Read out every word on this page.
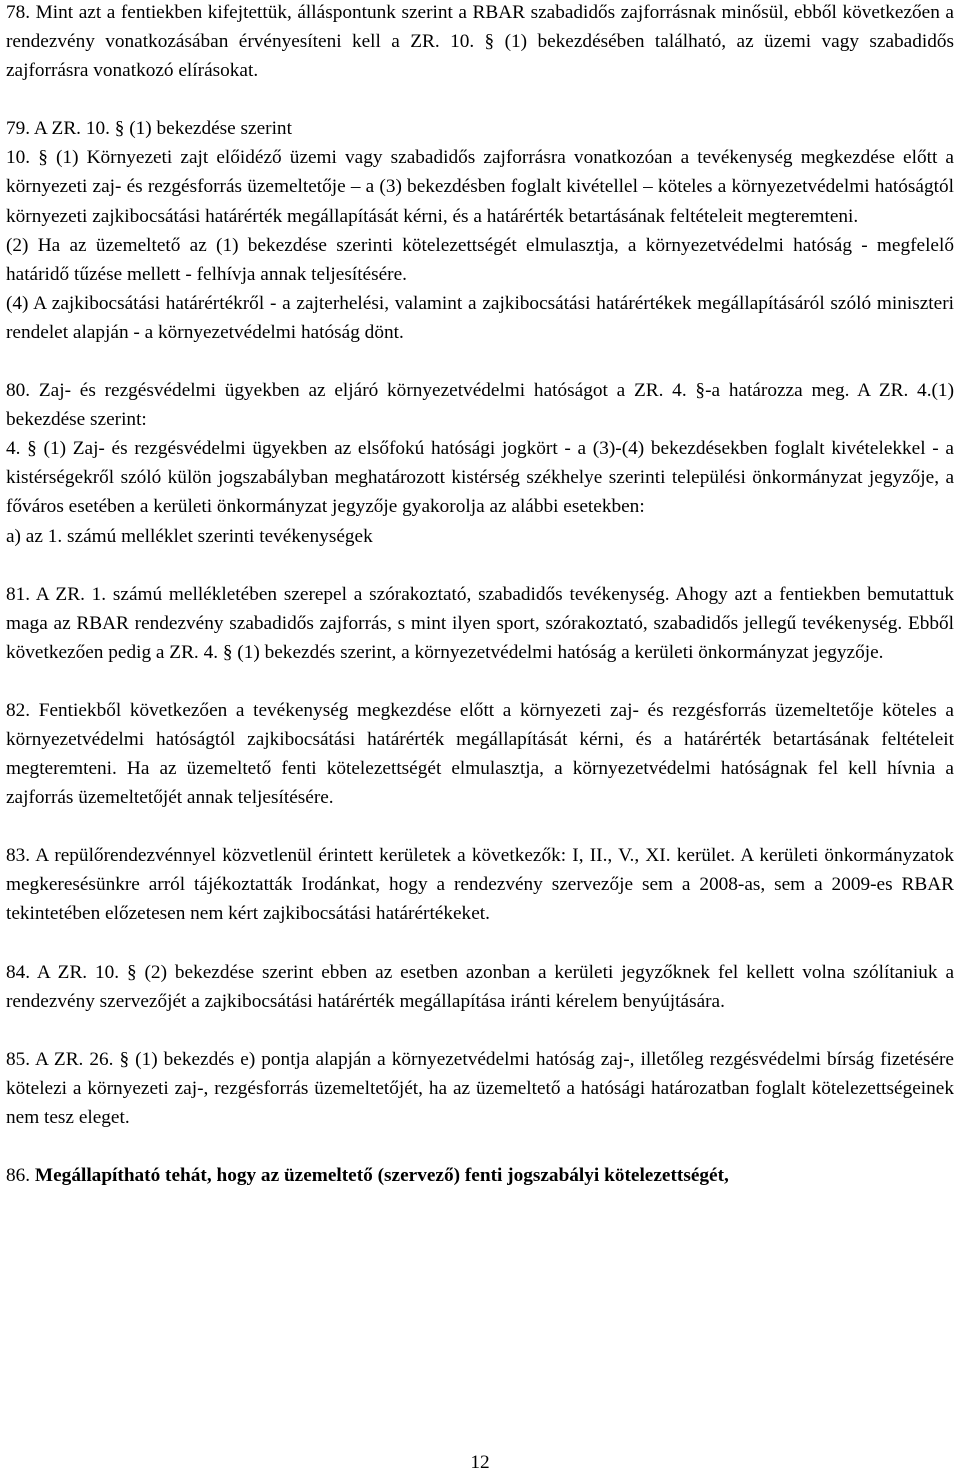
78. Mint azt a fentiekben kifejtettük, álláspontunk szerint a RBAR szabadidős zajforrásnak minősül, ebből következően a rendezvény vonatkozásában érvényesíteni kell a ZR. 10. § (1) bekezdésében található, az üzemi vagy szabadidős zajforrásra vonatkozó elírásokat.

79. A ZR. 10. § (1) bekezdése szerint

10. § (1) Környezeti zajt előidéző üzemi vagy szabadidős zajforrásra vonatkozóan a tevékenység megkezdése előtt a környezeti zaj- és rezgésforrás üzemeltetője – a (3) bekezdésben foglalt kivétellel – köteles a környezetvédelmi hatóságtól környezeti zajkibocsátási határérték megállapítását kérni, és a határérték betartásának feltételeit megteremteni.

(2) Ha az üzemeltető az (1) bekezdése szerinti kötelezettségét elmulasztja, a környezetvédelmi hatóság - megfelelő határidő tűzése mellett - felhívja annak teljesítésére.

(4) A zajkibocsátási határértékről - a zajterhelési, valamint a zajkibocsátási határértékek megállapításáról szóló miniszteri rendelet alapján - a környezetvédelmi hatóság dönt.

80. Zaj- és rezgésvédelmi ügyekben az eljáró környezetvédelmi hatóságot a ZR. 4. §-a határozza meg. A ZR. 4.(1) bekezdése szerint:

4. § (1) Zaj- és rezgésvédelmi ügyekben az elsőfokú hatósági jogkört - a (3)-(4) bekezdésekben foglalt kivételekkel - a kistérségekről szóló külön jogszabályban meghatározott kistérség székhelye szerinti települési önkormányzat jegyzője, a főváros esetében a kerületi önkormányzat jegyzője gyakorolja az alábbi esetekben:

a) az 1. számú melléklet szerinti tevékenységek

81. A ZR. 1. számú mellékletében szerepel a szórakoztató, szabadidős tevékenység. Ahogy azt a fentiekben bemutattuk maga az RBAR rendezvény szabadidős zajforrás, s mint ilyen sport, szórakoztató, szabadidős jellegű tevékenység. Ebből következően pedig a ZR. 4. § (1) bekezdés szerint, a környezetvédelmi hatóság a kerületi önkormányzat jegyzője.

82. Fentiekből következően a tevékenység megkezdése előtt a környezeti zaj- és rezgésforrás üzemeltetője köteles a környezetvédelmi hatóságtól zajkibocsátási határérték megállapítását kérni, és a határérték betartásának feltételeit megteremteni. Ha az üzemeltető fenti kötelezettségét elmulasztja, a környezetvédelmi hatóságnak fel kell hívnia a zajforrás üzemeltetőjét annak teljesítésére.

83. A repülőrendezvénnyel közvetlenül érintett kerületek a következők: I, II., V., XI. kerület. A kerületi önkormányzatok megkeresésünkre arról tájékoztatták Irodánkat, hogy a rendezvény szervezője sem a 2008-as, sem a 2009-es RBAR tekintetében előzetesen nem kért zajkibocsátási határértékeket.

84. A ZR. 10. § (2) bekezdése szerint ebben az esetben azonban a kerületi jegyzőknek fel kellett volna szólítaniuk a rendezvény szervezőjét a zajkibocsátási határérték megállapítása iránti kérelem benyújtására.

85. A ZR. 26. § (1) bekezdés e) pontja alapján a környezetvédelmi hatóság zaj-, illetőleg rezgésvédelmi bírság fizetésére kötelezi a környezeti zaj-, rezgésforrás üzemeltetőjét, ha az üzemeltető a hatósági határozatban foglalt kötelezettségeinek nem tesz eleget.

86. Megállapítható tehát, hogy az üzemeltető (szervező) fenti jogszabályi kötelezettségét,

12
